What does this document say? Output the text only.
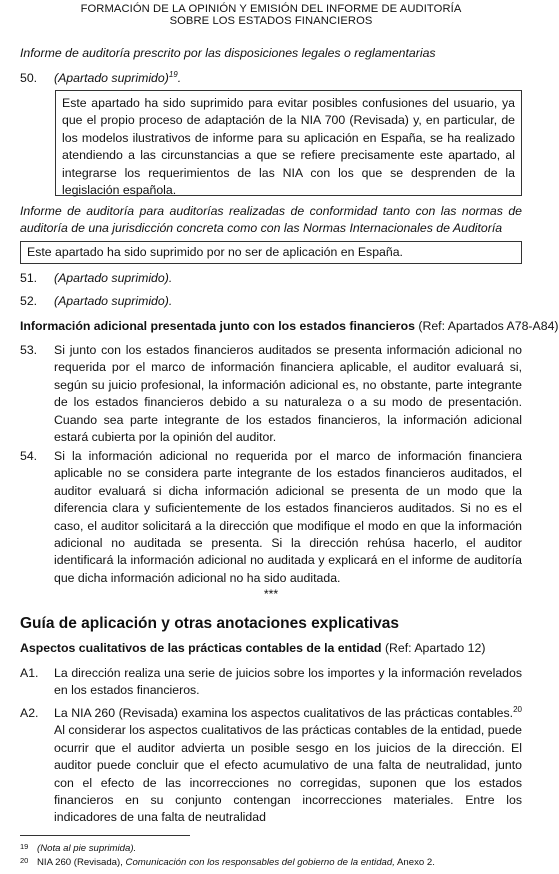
FORMACIÓN DE LA OPINIÓN Y EMISIÓN DEL INFORME DE AUDITORÍA
SOBRE LOS ESTADOS FINANCIEROS
Informe de auditoría prescrito por las disposiciones legales o reglamentarias
50. (Apartado suprimido)$^{19}$.
Este apartado ha sido suprimido para evitar posibles confusiones del usuario, ya que el propio proceso de adaptación de la NIA 700 (Revisada) y, en particular, de los modelos ilustrativos de informe para su aplicación en España, se ha realizado atendiendo a las circunstancias a que se refiere precisamente este apartado, al integrarse los requerimientos de las NIA con los que se desprenden de la legislación española.
Informe de auditoría para auditorías realizadas de conformidad tanto con las normas de auditoría de una jurisdicción concreta como con las Normas Internacionales de Auditoría
Este apartado ha sido suprimido por no ser de aplicación en España.
51. (Apartado suprimido).
52. (Apartado suprimido).
Información adicional presentada junto con los estados financieros (Ref: Apartados A78-A84)
53. Si junto con los estados financieros auditados se presenta información adicional no requerida por el marco de información financiera aplicable, el auditor evaluará si, según su juicio profesional, la información adicional es, no obstante, parte integrante de los estados financieros debido a su naturaleza o a su modo de presentación. Cuando sea parte integrante de los estados financieros, la información adicional estará cubierta por la opinión del auditor.
54. Si la información adicional no requerida por el marco de información financiera aplicable no se considera parte integrante de los estados financieros auditados, el auditor evaluará si dicha información adicional se presenta de un modo que la diferencia clara y suficientemente de los estados financieros auditados. Si no es el caso, el auditor solicitará a la dirección que modifique el modo en que la información adicional no auditada se presenta. Si la dirección rehúsa hacerlo, el auditor identificará la información adicional no auditada y explicará en el informe de auditoría que dicha información adicional no ha sido auditada.
***
Guía de aplicación y otras anotaciones explicativas
Aspectos cualitativos de las prácticas contables de la entidad (Ref: Apartado 12)
A1. La dirección realiza una serie de juicios sobre los importes y la información revelados en los estados financieros.
A2. La NIA 260 (Revisada) examina los aspectos cualitativos de las prácticas contables.$^{20}$ Al considerar los aspectos cualitativos de las prácticas contables de la entidad, puede ocurrir que el auditor advierta un posible sesgo en los juicios de la dirección. El auditor puede concluir que el efecto acumulativo de una falta de neutralidad, junto con el efecto de las incorrecciones no corregidas, suponen que los estados financieros en su conjunto contengan incorrecciones materiales. Entre los indicadores de una falta de neutralidad
19 (Nota al pie suprimida).
20 NIA 260 (Revisada), Comunicación con los responsables del gobierno de la entidad, Anexo 2.
